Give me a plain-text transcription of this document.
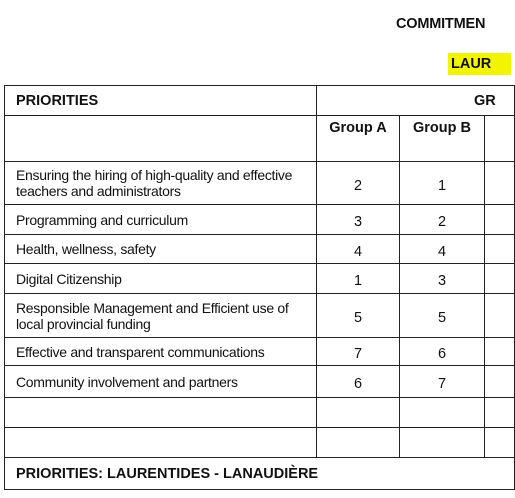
COMMITMEN
LAUR
PRIORITIES	GR		
	Group A	Group B	
Ensuring the hiring of high-quality and effective teachers and administrators	2	1	
Programming and curriculum	3	2	
Health, wellness, safety	4	4	
Digital Citizenship	1	3	
Responsible Management and Efficient use of local provincial funding	5	5	
Effective and transparent communications	7	6	
Community involvement and partners	6	7	

PRIORITIES: LAURENTIDES - LANAUDIÈRE			
